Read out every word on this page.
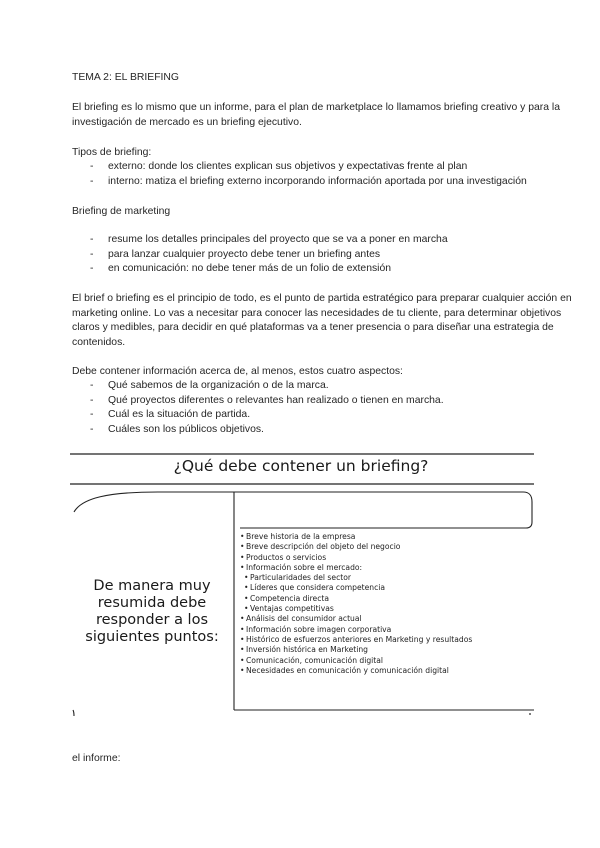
TEMA 2: EL BRIEFING

El briefing es lo mismo que un informe, para el plan de marketplace lo llamamos briefing creativo y para la investigación de mercado es un briefing ejecutivo.

Tipos de briefing:

- externo: donde los clientes explican sus objetivos y expectativas frente al plan
- interno: matiza el briefing externo incorporando información aportada por una investigación

Briefing de marketing

- resume los detalles principales del proyecto que se va a poner en marcha
- para lanzar cualquier proyecto debe tener un briefing antes
- en comunicación: no debe tener más de un folio de extensión

El brief o briefing es el principio de todo, es el punto de partida estratégico para preparar cualquier acción en marketing online. Lo vas a necesitar para conocer las necesidades de tu cliente, para determinar objetivos claros y medibles, para decidir en qué plataformas va a tener presencia o para diseñar una estrategia de contenidos.

Debe contener información acerca de, al menos, estos cuatro aspectos:

- Qué sabemos de la organización o de la marca.
- Qué proyectos diferentes o relevantes han realizado o tienen en marcha.
- Cuál es la situación de partida.
- Cuáles son los públicos objetivos.
¿Qué debe contener un briefing?
De manera muy resumida debe responder a los siguientes puntos:
• Breve historia de la empresa
• Breve descripción del objeto del negocio
• Productos o servicios
• Información sobre el mercado:
• Particularidades del sector
• Líderes que considera competencia
• Competencia directa
• Ventajas competitivas
• Análisis del consumidor actual
• Información sobre imagen corporativa
• Histórico de esfuerzos anteriores en Marketing y resultados
• Inversión histórica en Marketing
• Comunicación, comunicación digital
• Necesidades en comunicación y comunicación digital

el informe:
